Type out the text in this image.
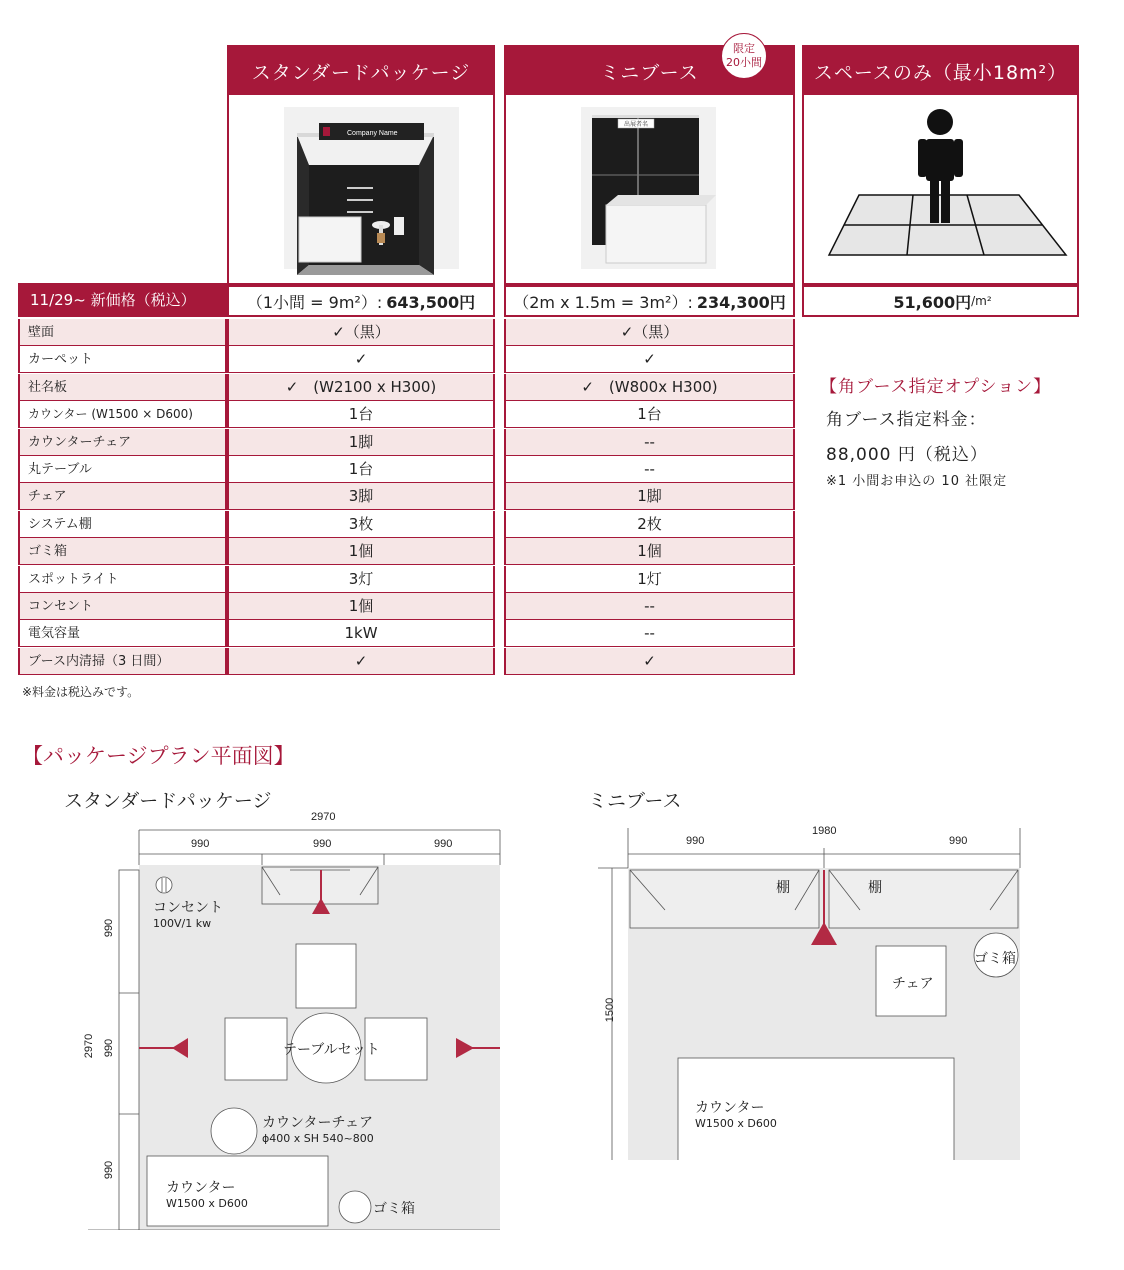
スタンダードパッケージ
Company Name
ミニブース
出展者名
限定
20小間	スペースのみ（最小18m²）
11/29~ 新価格（税込）	（1小間 = 9m²）: 643,500円 （2m x 1.5m = 3m²）: 234,300円	51,600円 /m²
壁面	✓（黒）	✓（黒）
カーペット	✓	✓
社名板	✓　(W2100 x H300)	✓　(W800x H300)
カウンター (W1500 × D600)	1台	1台
カウンターチェア	1脚	--
丸テーブル	1台	--
チェア	3脚	1脚
システム棚	3枚	2枚
ゴミ箱	1個	1個
スポットライト	3灯	1灯
コンセント	1個	--
電気容量	1kW	--
ブース内清掃（3 日間）	✓	✓
※料金は税込みです。
【角ブース指定オプション】
角ブース指定料金：
88,000 円（税込）
※1 小間お申込の 10 社限定
【パッケージプラン平面図】
スタンダードパッケージ	ミニブース
2970
990	990	990
2970
990
990
990
コンセント
100V/1 kw
テーブルセット
カウンターチェア
ϕ400 x SH 540~800
カウンター
W1500 x D600	ゴミ箱
1980
990	990
1500
棚	棚
チェア
ゴミ箱
カウンター
W1500 x D600
